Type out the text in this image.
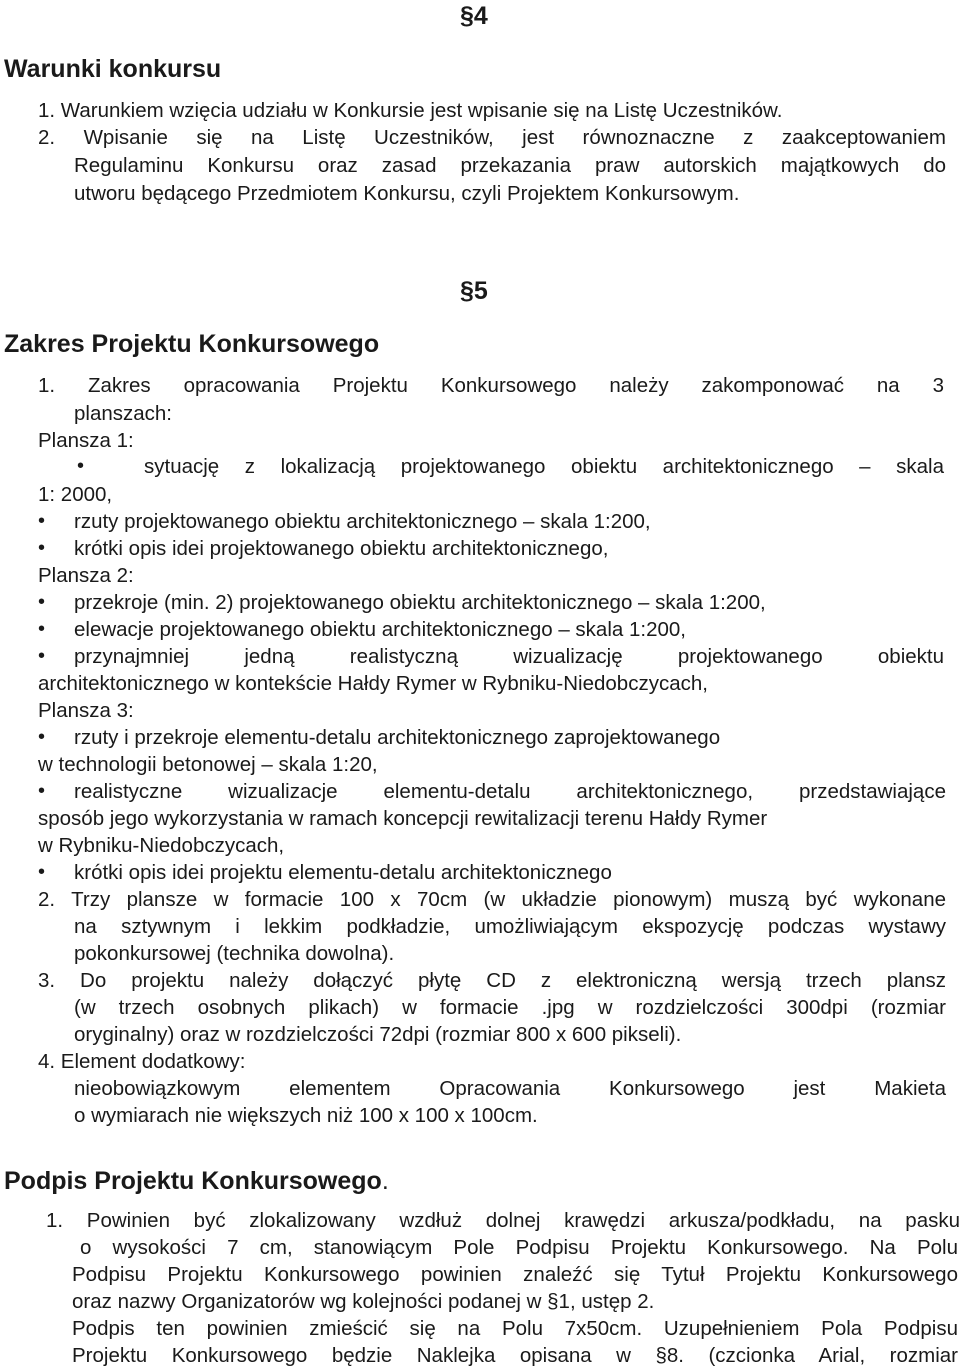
§4
Warunki konkursu
1. Warunkiem wzięcia udziału w Konkursie jest wpisanie się na Listę Uczestników.
2. Wpisanie się na Listę Uczestników, jest równoznaczne z zaakceptowaniem
Regulaminu Konkursu oraz zasad przekazania praw autorskich majątkowych do
utworu będącego Przedmiotem Konkursu, czyli Projektem Konkursowym.
§5
Zakres Projektu Konkursowego
1. Zakres opracowania Projektu Konkursowego należy zakomponować na 3
planszach:
Plansza 1:
•	sytuację z lokalizacją projektowanego obiektu architektonicznego – skala
1: 2000,
• rzuty projektowanego obiektu architektonicznego – skala 1:200,
• krótki opis idei projektowanego obiektu architektonicznego,
Plansza 2:
• przekroje (min. 2) projektowanego obiektu architektonicznego – skala 1:200,
• elewacje projektowanego obiektu architektonicznego – skala 1:200,
• przynajmniej jedną realistyczną wizualizację projektowanego obiektu
architektonicznego w kontekście Hałdy Rymer w Rybniku-Niedobczycach,
Plansza 3:
• rzuty i przekroje elementu-detalu architektonicznego zaprojektowanego
w technologii betonowej – skala 1:20,
• realistyczne wizualizacje elementu-detalu architektonicznego, przedstawiające
sposób jego wykorzystania w ramach koncepcji rewitalizacji terenu Hałdy Rymer
w Rybniku-Niedobczycach,
• krótki opis idei projektu elementu-detalu architektonicznego
2. Trzy plansze w formacie 100 x 70cm (w układzie pionowym) muszą być wykonane
na sztywnym i lekkim podkładzie, umożliwiającym ekspozycję podczas wystawy
pokonkursowej (technika dowolna).
3. Do projektu należy dołączyć płytę CD z elektroniczną wersją trzech plansz
(w trzech osobnych plikach) w formacie .jpg w rozdzielczości 300dpi (rozmiar
oryginalny) oraz w rozdzielczości 72dpi (rozmiar 800 x 600 pikseli).
4. Element dodatkowy:
nieobowiązkowym elementem Opracowania Konkursowego jest Makieta
o wymiarach nie większych niż 100 x 100 x 100cm.
Podpis Projektu Konkursowego.
1. Powinien być zlokalizowany wzdłuż dolnej krawędzi arkusza/podkładu, na pasku
o wysokości 7 cm, stanowiącym Pole Podpisu Projektu Konkursowego. Na Polu
Podpisu Projektu Konkursowego powinien znaleźć się Tytuł Projektu Konkursowego
oraz nazwy Organizatorów wg kolejności podanej w §1, ustęp 2.
Podpis ten powinien zmieścić się na Polu 7x50cm. Uzupełnieniem Pola Podpisu
Projektu Konkursowego będzie Naklejka opisana w §8. (czcionka Arial, rozmiar
